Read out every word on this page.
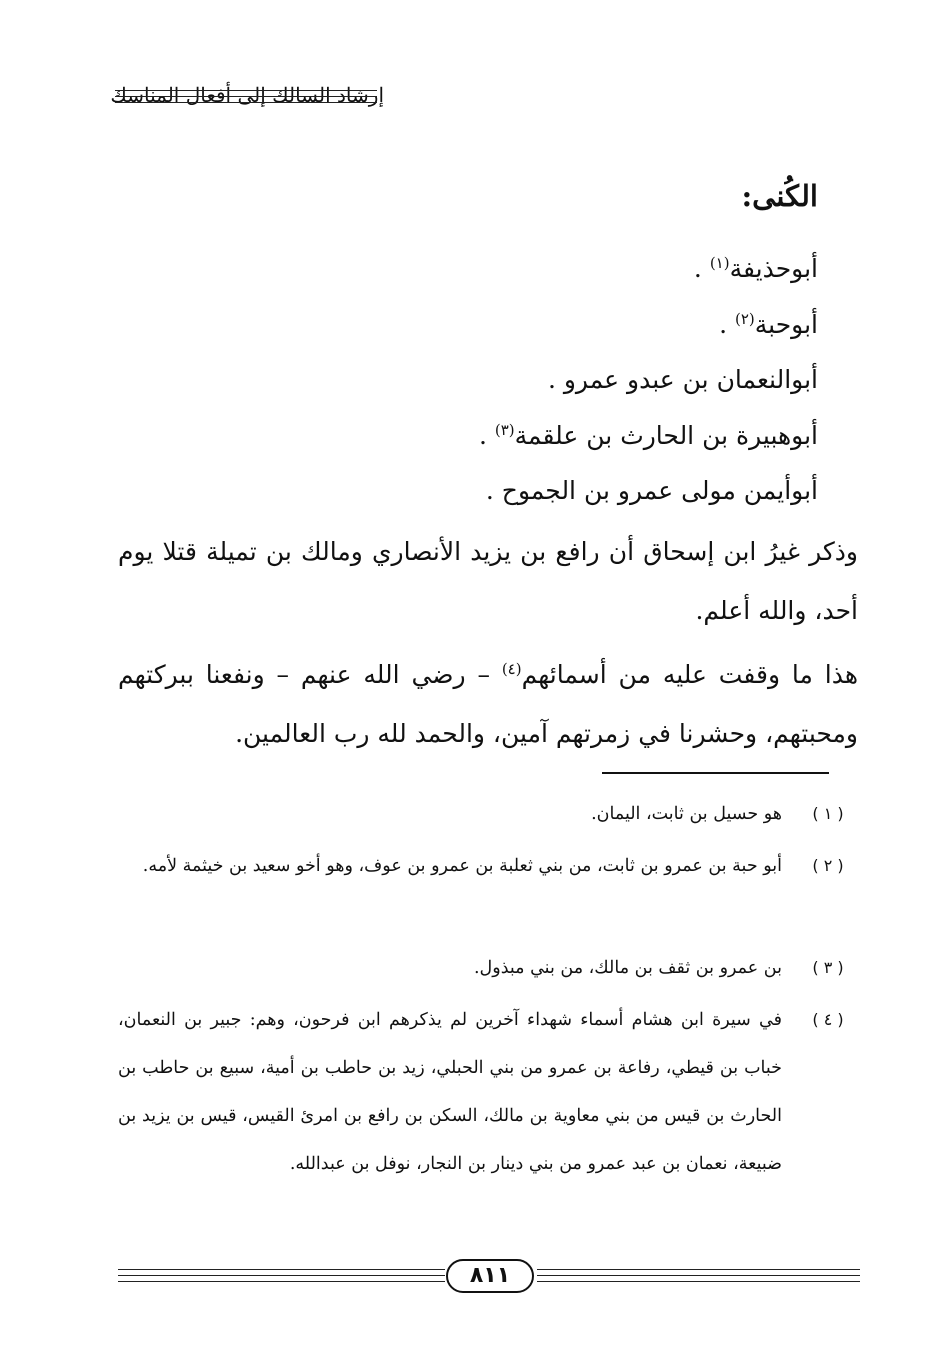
إرشاد السالك إلى أفعال المناسك
الكُنى:
أبوحذيفة$^{(١)}$ .
أبوحبة$^{(٢)}$ .
أبوالنعمان بن عبدو عمرو .
أبوهبيرة بن الحارث بن علقمة$^{(٣)}$ .
أبوأيمن مولى عمرو بن الجموح .

وذكر غيرُ ابن إسحاق أن رافع بن يزيد الأنصاري ومالك بن تميلة قتلا يوم أحد، والله أعلم.

هذا ما وقفت عليه من أسمائهم$^{(٤)}$ – رضي الله عنهم – ونفعنا ببركتهم ومحبتهم، وحشرنا في زمرتهم آمين، والحمد لله رب العالمين.

( ١ )
هو حسيل بن ثابت، اليمان.
( ٢ )
أبو حبة بن عمرو بن ثابت، من بني ثعلبة بن عمرو بن عوف، وهو أخو سعيد بن خيثمة لأمه.
( ٣ )
بن عمرو بن ثقف بن مالك، من بني مبذول.
( ٤ )
في سيرة ابن هشام أسماء شهداء آخرين لم يذكرهم ابن فرحون، وهم: جبير بن النعمان، خباب بن قيطي، رفاعة بن عمرو من بني الحبلي، زيد بن حاطب بن أمية، سبيع بن حاطب بن الحارث بن قيس من بني معاوية بن مالك، السكن بن رافع بن امرئ القيس، قيس بن يزيد بن ضبيعة، نعمان بن عبد عمرو من بني دينار بن النجار، نوفل بن عبدالله.
٨١١
